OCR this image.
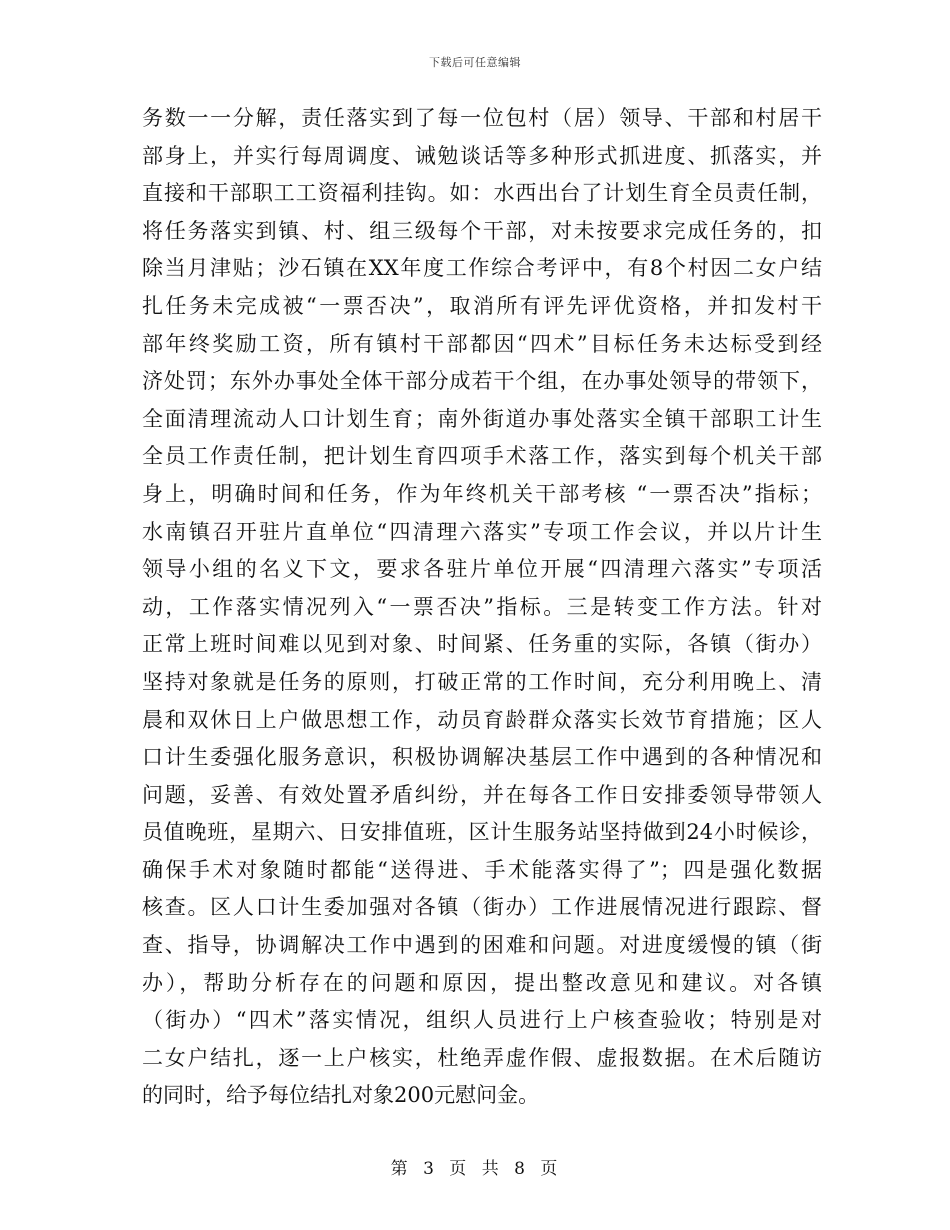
下载后可任意编辑
务数一一分解，责任落实到了每一位包村（居）领导、干部和村居干
部身上，并实行每周调度、诫勉谈话等多种形式抓进度、抓落实，并
直接和干部职工工资福利挂钩。如：水西出台了计划生育全员责任制，
将任务落实到镇、村、组三级每个干部，对未按要求完成任务的，扣
除当月津贴；沙石镇在XX年度工作综合考评中，有8个村因二女户结
扎任务未完成被“一票否决”，取消所有评先评优资格，并扣发村干
部年终奖励工资，所有镇村干部都因“四术”目标任务未达标受到经
济处罚；东外办事处全体干部分成若干个组，在办事处领导的带领下，
全面清理流动人口计划生育；南外街道办事处落实全镇干部职工计生
全员工作责任制，把计划生育四项手术落工作，落实到每个机关干部
身上，明确时间和任务，作为年终机关干部考核 “一票否决”指标；
水南镇召开驻片直单位“四清理六落实”专项工作会议，并以片计生
领导小组的名义下文，要求各驻片单位开展“四清理六落实”专项活
动，工作落实情况列入“一票否决”指标。三是转变工作方法。针对
正常上班时间难以见到对象、时间紧、任务重的实际，各镇（街办）
坚持对象就是任务的原则，打破正常的工作时间，充分利用晚上、清
晨和双休日上户做思想工作，动员育龄群众落实长效节育措施；区人
口计生委强化服务意识，积极协调解决基层工作中遇到的各种情况和
问题，妥善、有效处置矛盾纠纷，并在每各工作日安排委领导带领人
员值晚班，星期六、日安排值班，区计生服务站坚持做到24小时候诊，
确保手术对象随时都能“送得进、手术能落实得了”；四是强化数据
核查。区人口计生委加强对各镇（街办）工作进展情况进行跟踪、督
查、指导，协调解决工作中遇到的困难和问题。对进度缓慢的镇（街
办），帮助分析存在的问题和原因，提出整改意见和建议。对各镇
（街办）“四术”落实情况，组织人员进行上户核查验收；特别是对
二女户结扎，逐一上户核实，杜绝弄虚作假、虚报数据。在术后随访
的同时，给予每位结扎对象200元慰问金。
第 3 页 共 8 页
